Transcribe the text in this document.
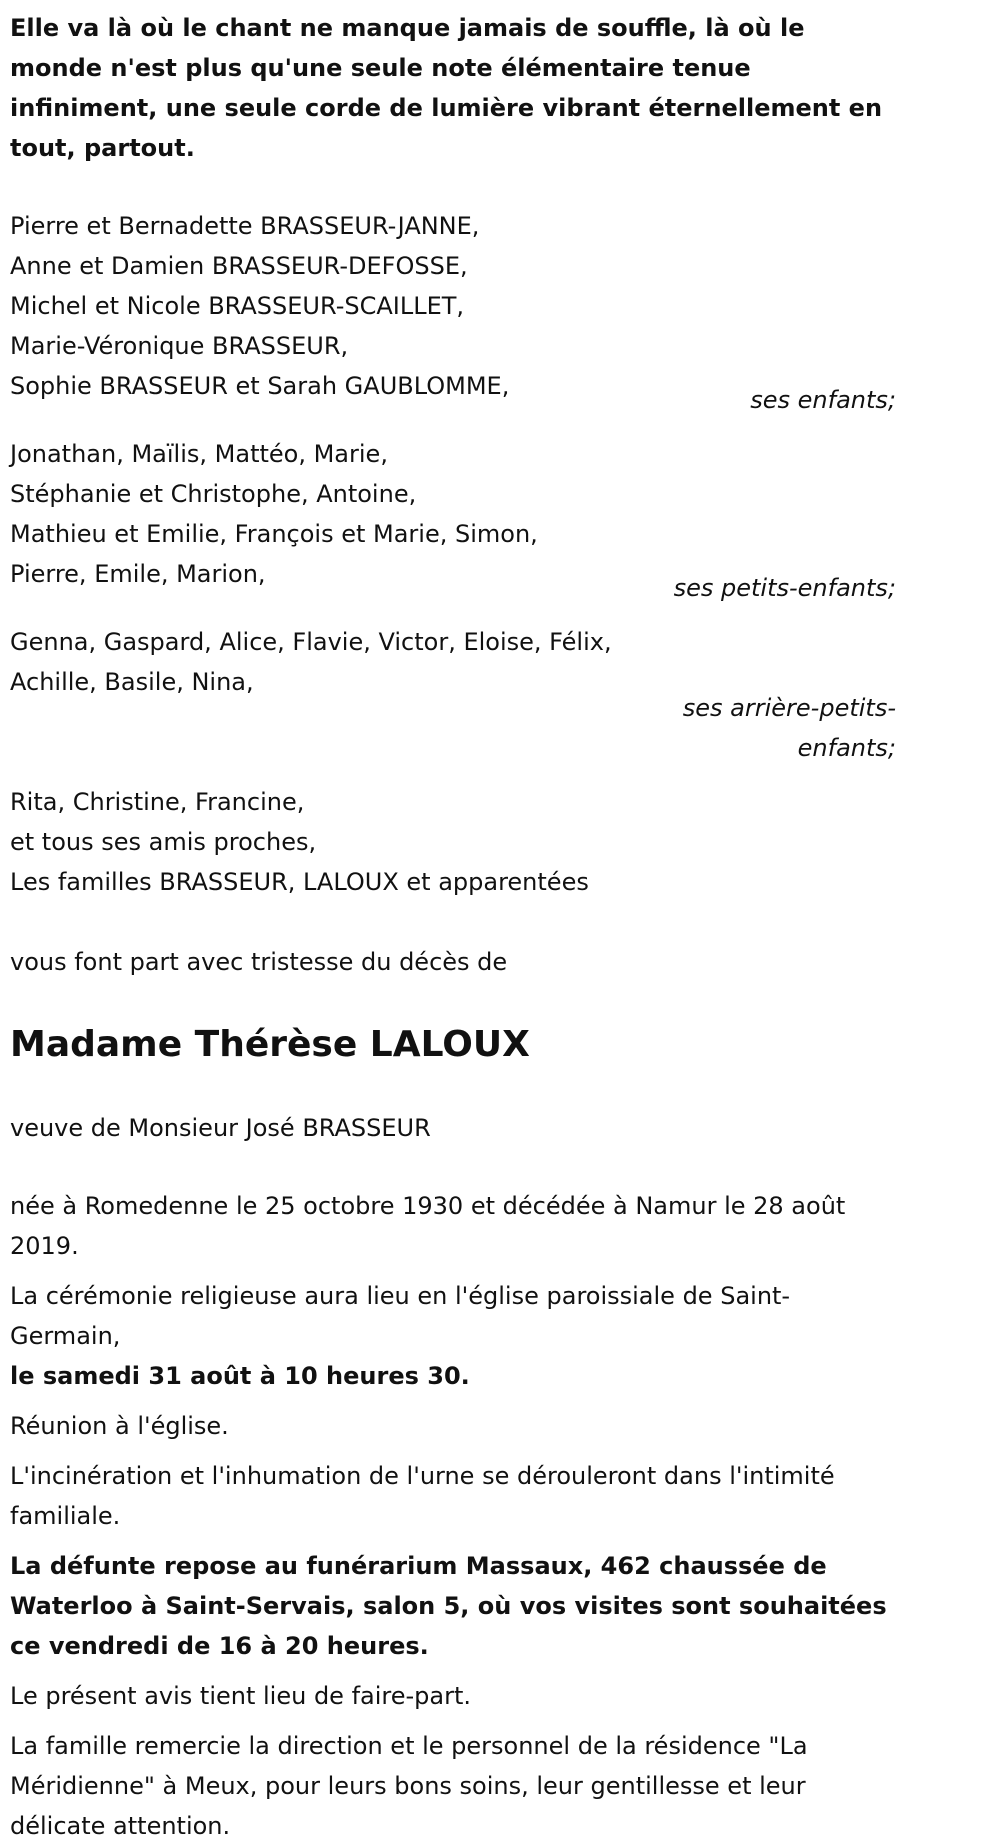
Elle va là où le chant ne manque jamais de souffle, là où le monde n'est plus qu'une seule note élémentaire tenue infiniment, une seule corde de lumière vibrant éternellement en tout, partout.

Pierre et Bernadette BRASSEUR-JANNE,
Anne et Damien BRASSEUR-DEFOSSE,
Michel et Nicole BRASSEUR-SCAILLET,
Marie-Véronique BRASSEUR,
Sophie BRASSEUR et Sarah GAUBLOMME,	ses enfants;
Jonathan, Maïlis, Mattéo, Marie,
Stéphanie et Christophe, Antoine,
Mathieu et Emilie, François et Marie, Simon,
Pierre, Emile, Marion,	ses petits-enfants;
Genna, Gaspard, Alice, Flavie, Victor, Eloise, Félix,
Achille, Basile, Nina,
ses arrière-petits-
enfants;
Rita, Christine, Francine,
et tous ses amis proches,
Les familles BRASSEUR, LALOUX et apparentées

vous font part avec tristesse du décès de

Madame Thérèse LALOUX

veuve de Monsieur José BRASSEUR

née à Romedenne le 25 octobre 1930 et décédée à Namur le 28 août 2019.

La cérémonie religieuse aura lieu en l'église paroissiale de Saint-Germain,
le samedi 31 août à 10 heures 30.

Réunion à l'église.

L'incinération et l'inhumation de l'urne se dérouleront dans l'intimité familiale.

La défunte repose au funérarium Massaux, 462 chaussée de Waterloo à Saint-Servais, salon 5, où vos visites sont souhaitées ce vendredi de 16 à 20 heures.

Le présent avis tient lieu de faire-part.

La famille remercie la direction et le personnel de la résidence "La Méridienne" à Meux, pour leurs bons soins, leur gentillesse et leur délicate attention.
